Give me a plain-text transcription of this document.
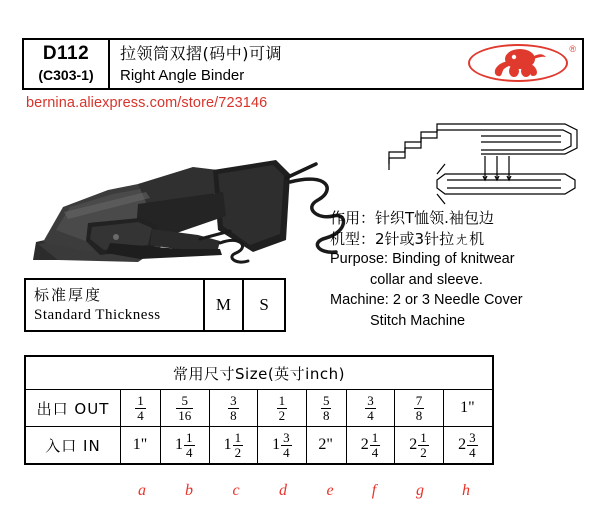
D112
(C303-1)
拉领筒双摺(码中)可调
Right Angle Binder
®
bernina.aliexpress.com/store/723146
作用：针织T恤领.袖包边
机型：2针或3针拉ㄤ机
Purpose: Binding of knitwear
collar and sleeve.
Machine: 2 or 3 Needle Cover
Stitch Machine
标准厚度
Standard Thickness
M	S
常用尺寸Size(英寸inch)								
出口 OUT	$\frac{1}{4}$	$\frac{5}{16}$	$\frac{3}{8}$	$\frac{1}{2}$	$\frac{5}{8}$	$\frac{3}{4}$	$\frac{7}{8}$	1"

入口 IN	1"	$1 \frac{1}{4}$	$1 \frac{1}{2}$	$1 \frac{3}{4}$	2"	$2 \frac{1}{4}$	$2 \frac{1}{2}$	$2 \frac{3}{4}$
a	b	c	d	e	f	g	h
